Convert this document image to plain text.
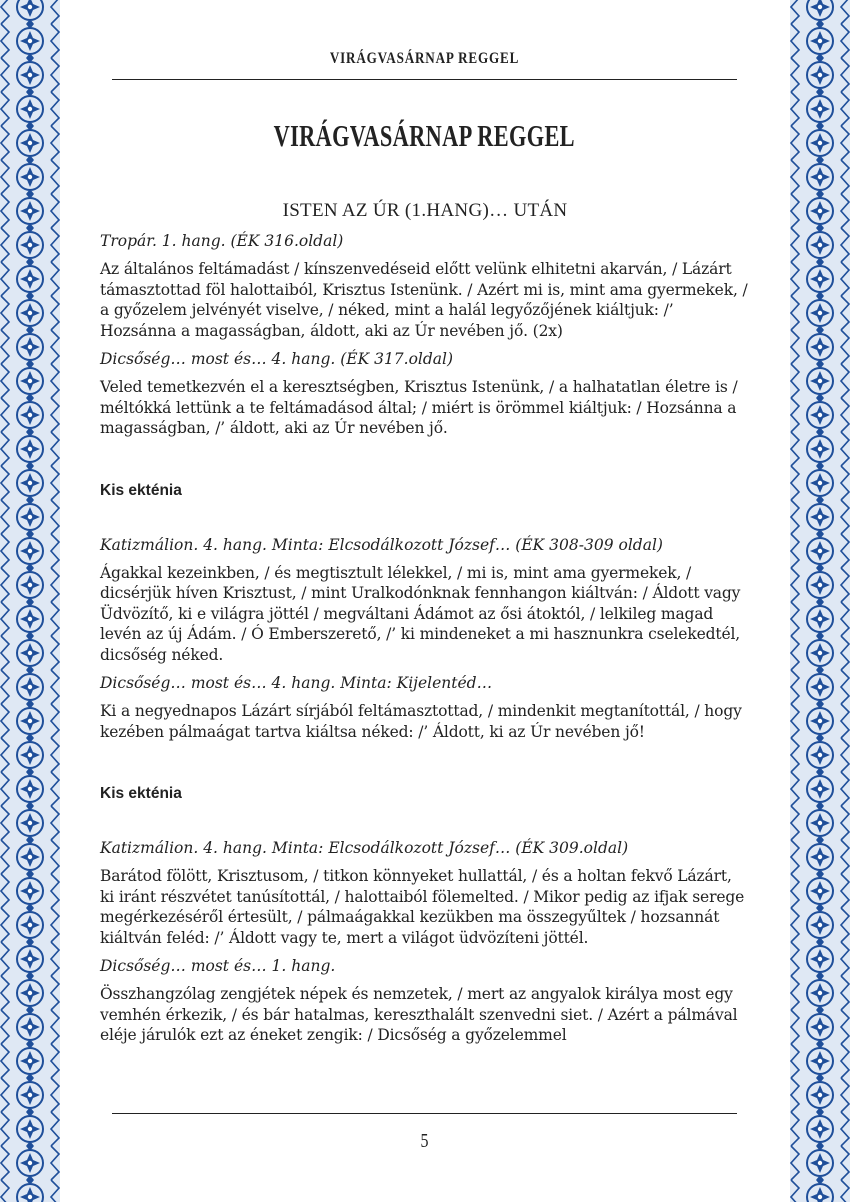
VIRÁGVASÁRNAP REGGEL
VIRÁGVASÁRNAP REGGEL

ISTEN AZ ÚR (1.HANG)… UTÁN

Tropár. 1. hang. (ÉK 316.oldal)

Az általános feltámadást / kínszenvedéseid előtt velünk elhitetni akarván, / Lázárt támasztottad föl halottaiból, Krisztus Istenünk. / Azért mi is, mint ama gyermekek, / a győzelem jelvényét viselve, / néked, mint a halál legyőzőjének kiáltjuk: /’ Hozsánna a magasságban, áldott, aki az Úr nevében jő. (2x)

Dicsőség… most és… 4. hang. (ÉK 317.oldal)

Veled temetkezvén el a keresztségben, Krisztus Istenünk, / a halhatatlan életre is / méltókká lettünk a te feltámadásod által; / miért is örömmel kiáltjuk: / Hozsánna a magasságban, /’ áldott, aki az Úr nevében jő.

Kis ekténia

Katizmálion. 4. hang. Minta: Elcsodálkozott József… (ÉK 308-309 oldal)

Ágakkal kezeinkben, / és megtisztult lélekkel, / mi is, mint ama gyermekek, / dicsérjük híven Krisztust, / mint Uralkodónknak fennhangon kiáltván: / Áldott vagy Üdvözítő, ki e világra jöttél / megváltani Ádámot az ősi átoktól, / lelkileg magad levén az új Ádám. / Ó Emberszerető, /’ ki mindeneket a mi hasznunkra cselekedtél, dicsőség néked.

Dicsőség… most és… 4. hang. Minta: Kijelentéd…

Ki a negyednapos Lázárt sírjából feltámasztottad, / mindenkit megtanítottál, / hogy kezében pálmaágat tartva kiáltsa néked: /’ Áldott, ki az Úr nevében jő!

Kis ekténia

Katizmálion. 4. hang. Minta: Elcsodálkozott József… (ÉK 309.oldal)

Barátod fölött, Krisztusom, / titkon könnyeket hullattál, / és a holtan fekvő Lázárt, ki iránt részvétet tanúsítottál, / halottaiból fölemelted. / Mikor pedig az ifjak serege megérkezéséről értesült, / pálmaágakkal kezükben ma összegyűltek / hozsannát kiáltván feléd: /’ Áldott vagy te, mert a világot üdvözíteni jöttél.

Dicsőség… most és… 1. hang.

Összhangzólag zengjétek népek és nemzetek, / mert az angyalok királya most egy vemhén érkezik, / és bár hatalmas, kereszthalált szenvedni siet. / Azért a pálmával eléje járulók ezt az éneket zengik: / Dicsőség a győzelemmel

5
